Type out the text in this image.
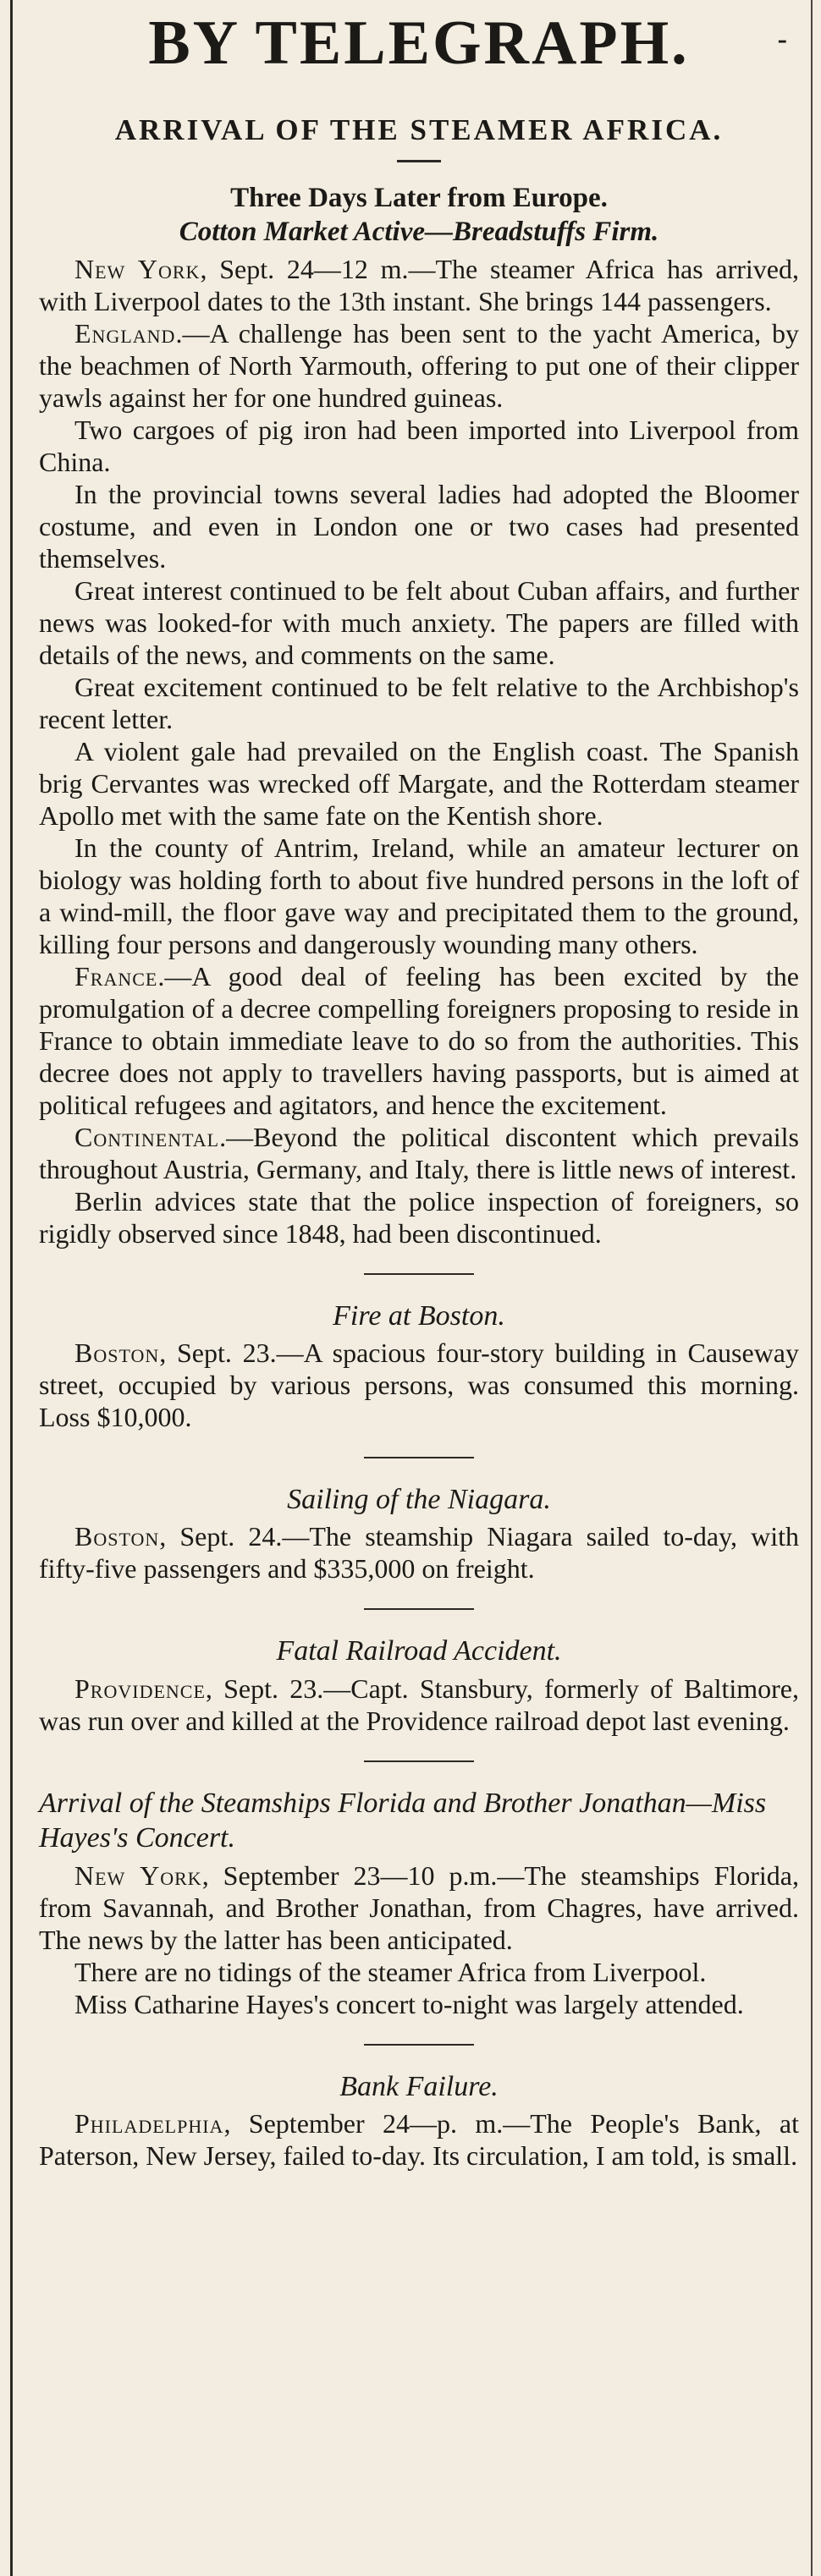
-
BY TELEGRAPH.
ARRIVAL OF THE STEAMER AFRICA.
Three Days Later from Europe.
Cotton Market Active—Breadstuffs Firm.

New York, Sept. 24—12 m.—The steamer Africa has arrived, with Liverpool dates to the 13th instant. She brings 144 passengers.

England.—A challenge has been sent to the yacht America, by the beachmen of North Yarmouth, offering to put one of their clipper yawls against her for one hundred guineas.

Two cargoes of pig iron had been imported into Liverpool from China.

In the provincial towns several ladies had adopted the Bloomer costume, and even in London one or two cases had presented themselves.

Great interest continued to be felt about Cuban affairs, and further news was looked-for with much anxiety. The papers are filled with details of the news, and comments on the same.

Great excitement continued to be felt relative to the Archbishop's recent letter.

A violent gale had prevailed on the English coast. The Spanish brig Cervantes was wrecked off Margate, and the Rotterdam steamer Apollo met with the same fate on the Kentish shore.

In the county of Antrim, Ireland, while an amateur lecturer on biology was holding forth to about five hundred persons in the loft of a wind-mill, the floor gave way and precipitated them to the ground, killing four persons and dangerously wounding many others.

France.—A good deal of feeling has been excited by the promulgation of a decree compelling foreigners proposing to reside in France to obtain immediate leave to do so from the authorities. This decree does not apply to travellers having passports, but is aimed at political refugees and agitators, and hence the excitement.

Continental.—Beyond the political discontent which prevails throughout Austria, Germany, and Italy, there is little news of interest.

Berlin advices state that the police inspection of foreigners, so rigidly observed since 1848, had been discontinued.

Fire at Boston.

Boston, Sept. 23.—A spacious four-story building in Causeway street, occupied by various persons, was consumed this morning. Loss $10,000.

Sailing of the Niagara.

Boston, Sept. 24.—The steamship Niagara sailed to-day, with fifty-five passengers and $335,000 on freight.

Fatal Railroad Accident.

Providence, Sept. 23.—Capt. Stansbury, formerly of Baltimore, was run over and killed at the Providence railroad depot last evening.

Arrival of the Steamships Florida and Brother Jonathan—Miss Hayes's Concert.

New York, September 23—10 p.m.—The steamships Florida, from Savannah, and Brother Jonathan, from Chagres, have arrived. The news by the latter has been anticipated.

There are no tidings of the steamer Africa from Liverpool.

Miss Catharine Hayes's concert to-night was largely attended.

Bank Failure.

Philadelphia, September 24—p. m.—The People's Bank, at Paterson, New Jersey, failed to-day. Its circulation, I am told, is small.
